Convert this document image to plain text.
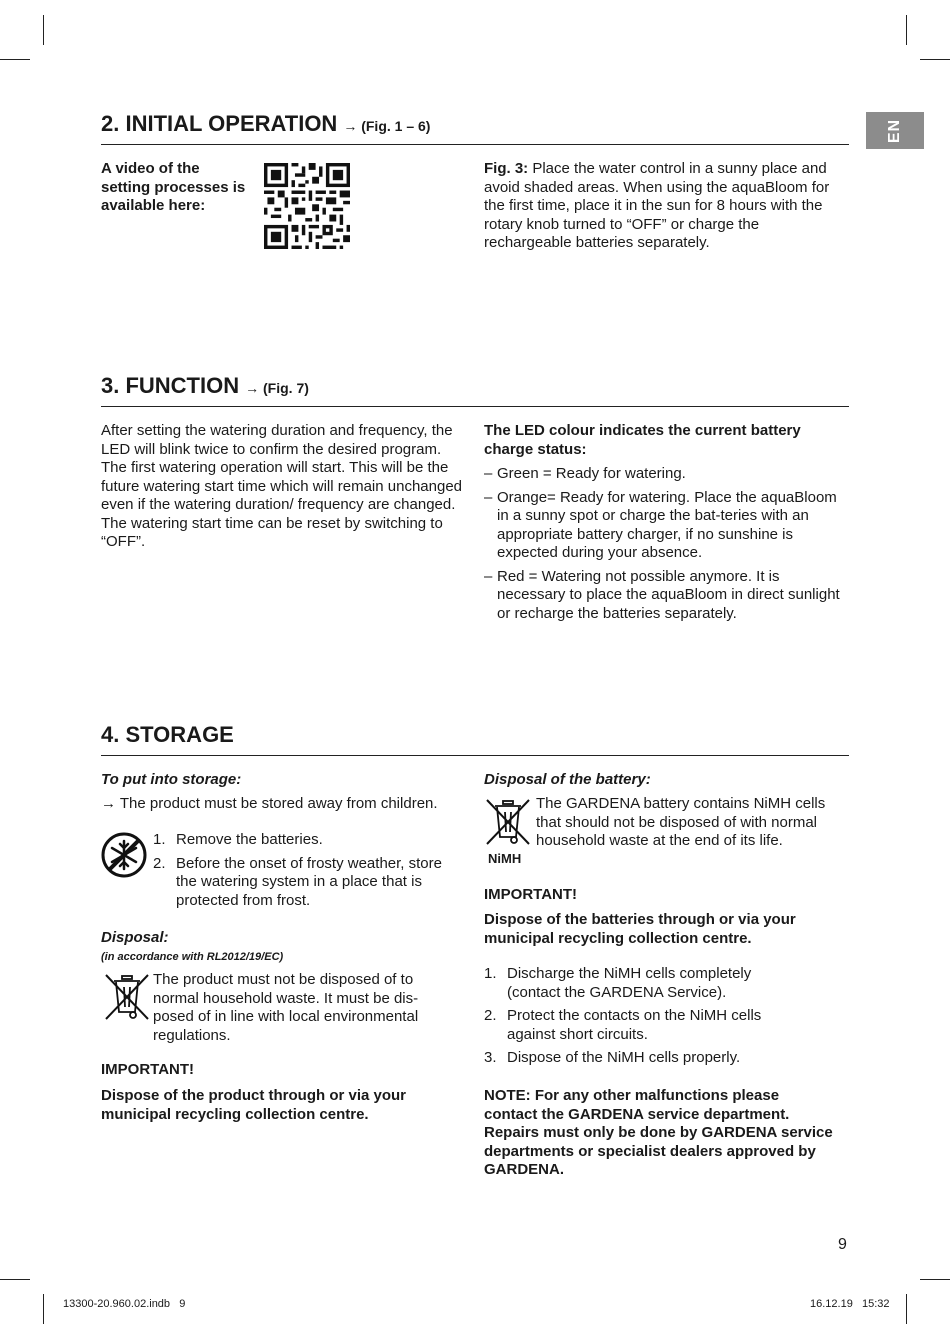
EN
2. INITIAL OPERATION → (Fig. 1 – 6)
A video of the setting processes is available here:
Fig. 3: Place the water control in a sunny place and avoid shaded areas. When using the aquaBloom for the first time, place it in the sun for 8 hours with the rotary knob turned to “OFF” or charge the rechargeable batteries separately.
3. FUNCTION → (Fig. 7)
After setting the watering duration and frequency, the LED will blink twice to confirm the desired program. The first watering operation will start. This will be the future watering start time which will remain unchanged even if the watering duration/ frequency are changed. The watering start time can be reset by switching to “OFF”.
The LED colour indicates the current battery charge status:
– Green = Ready for watering.
– Orange= Ready for watering. Place the aquaBloom in a sunny spot or charge the bat-teries with an appropriate battery charger, if no sunshine is expected during your absence.
– Red = Watering not possible anymore. It is necessary to place the aquaBloom in direct sunlight or recharge the batteries separately.
4. STORAGE
To put into storage:
→ The product must be stored away from children.
1. Remove the batteries.
2. Before the onset of frosty weather, store the watering system in a place that is protected from frost.
Disposal:
(in accordance with RL2012/19/EC)
The product must not be disposed of to normal household waste. It must be dis-posed of in line with local environmental regulations.
IMPORTANT!
Dispose of the product through or via your municipal recycling collection centre.
Disposal of the battery:
NiMH
The GARDENA battery contains NiMH cells that should not be disposed of with normal household waste at the end of its life.
IMPORTANT!
Dispose of the batteries through or via your municipal recycling collection centre.
1. Discharge the NiMH cells completely (contact the GARDENA Service).
2. Protect the contacts on the NiMH cells against short circuits.
3. Dispose of the NiMH cells properly.
NOTE: For any other malfunctions please contact the GARDENA service department. Repairs must only be done by GARDENA service departments or specialist dealers approved by GARDENA.
9
13300-20.960.02.indb   9	16.12.19   15:32
